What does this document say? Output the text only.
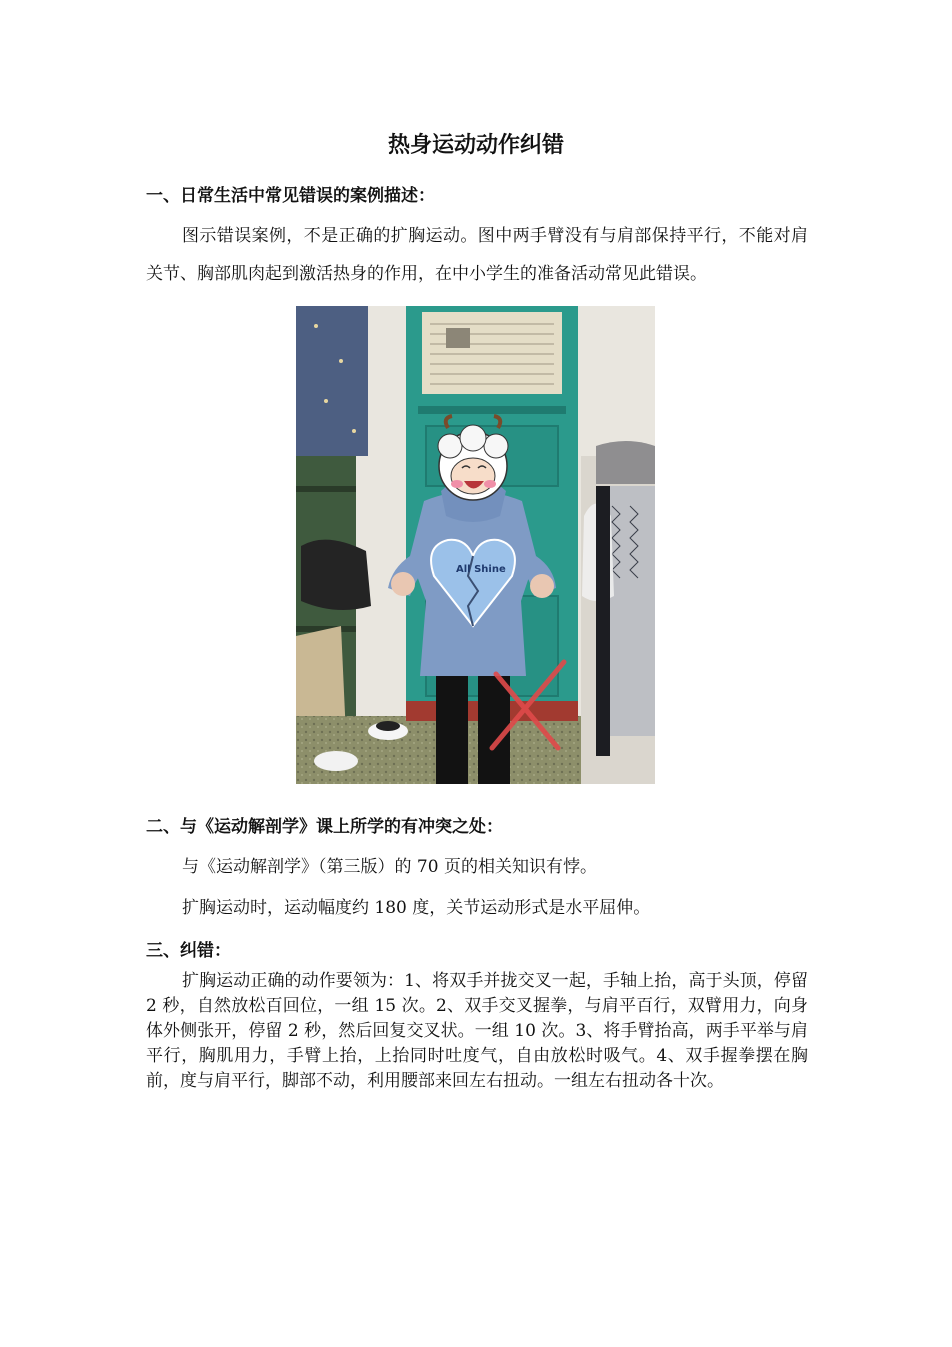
热身运动动作纠错
一、日常生活中常见错误的案例描述：
图示错误案例，不是正确的扩胸运动。图中两手臂没有与肩部保持平行，不能对肩关节、胸部肌肉起到激活热身的作用，在中小学生的准备活动常见此错误。
All Shine
二、与《运动解剖学》课上所学的有冲突之处：
与《运动解剖学》（第三版）的 70 页的相关知识有悖。
扩胸运动时，运动幅度约 180 度，关节运动形式是水平屈伸。
三、纠错：
扩胸运动正确的动作要领为：1、将双手并拢交叉一起，手轴上抬，高于头顶，停留 2 秒，自然放松百回位，一组 15 次。2、双手交叉握拳，与肩平百行，双臂用力，向身体外侧张开，停留 2 秒，然后回复交叉状。一组 10 次。3、将手臂抬高，两手平举与肩平行，胸肌用力，手臂上抬，上抬同时吐度气，自由放松时吸气。4、双手握拳摆在胸前，度与肩平行，脚部不动，利用腰部来回左右扭动。一组左右扭动各十次。
